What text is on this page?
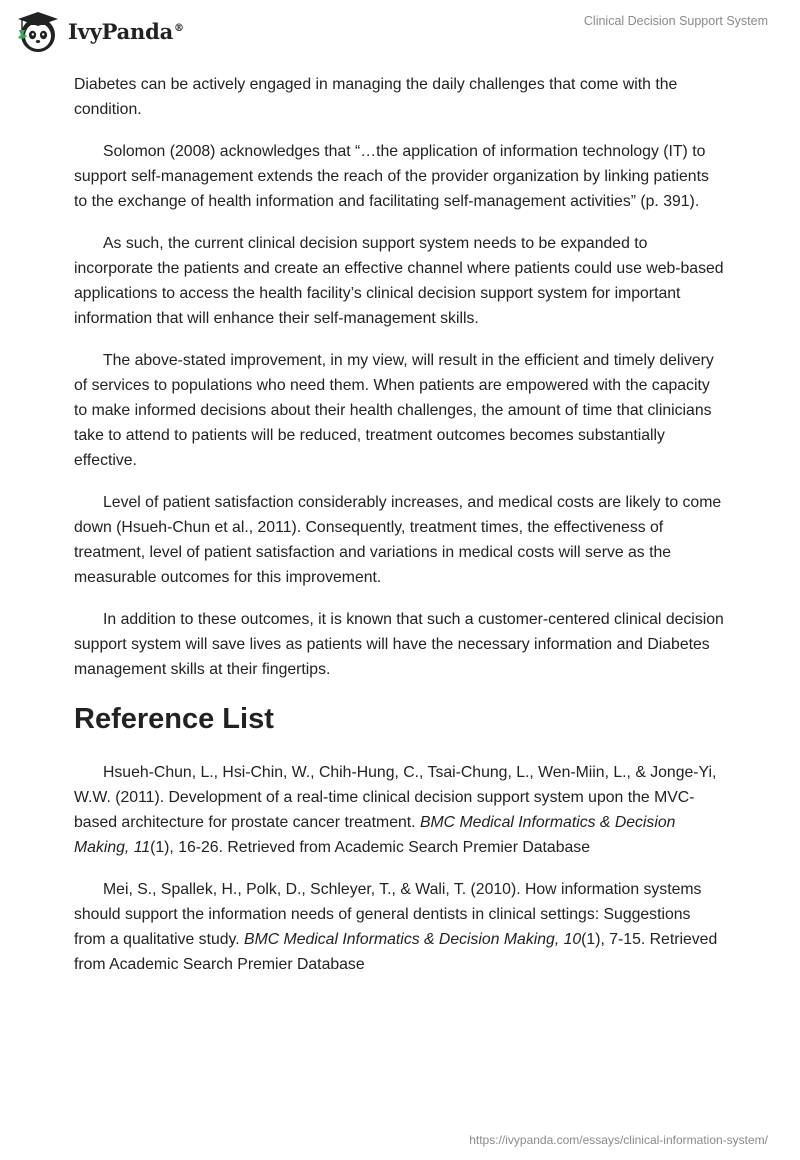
IvyPanda®	Clinical Decision Support System

Diabetes can be actively engaged in managing the daily challenges that come with the condition.

Solomon (2008) acknowledges that “…the application of information technology (IT) to support self-management extends the reach of the provider organization by linking patients to the exchange of health information and facilitating self-management activities” (p. 391).

As such, the current clinical decision support system needs to be expanded to incorporate the patients and create an effective channel where patients could use web-based applications to access the health facility’s clinical decision support system for important information that will enhance their self-management skills.

The above-stated improvement, in my view, will result in the efficient and timely delivery of services to populations who need them. When patients are empowered with the capacity to make informed decisions about their health challenges, the amount of time that clinicians take to attend to patients will be reduced, treatment outcomes becomes substantially effective.

Level of patient satisfaction considerably increases, and medical costs are likely to come down (Hsueh-Chun et al., 2011). Consequently, treatment times, the effectiveness of treatment, level of patient satisfaction and variations in medical costs will serve as the measurable outcomes for this improvement.

In addition to these outcomes, it is known that such a customer-centered clinical decision support system will save lives as patients will have the necessary information and Diabetes management skills at their fingertips.

Reference List

Hsueh-Chun, L., Hsi-Chin, W., Chih-Hung, C., Tsai-Chung, L., Wen-Miin, L., & Jonge-Yi, W.W. (2011). Development of a real-time clinical decision support system upon the MVC-based architecture for prostate cancer treatment. BMC Medical Informatics & Decision Making, 11(1), 16-26. Retrieved from Academic Search Premier Database

Mei, S., Spallek, H., Polk, D., Schleyer, T., & Wali, T. (2010). How information systems should support the information needs of general dentists in clinical settings: Suggestions from a qualitative study. BMC Medical Informatics & Decision Making, 10(1), 7-15. Retrieved from Academic Search Premier Database

https://ivypanda.com/essays/clinical-information-system/
